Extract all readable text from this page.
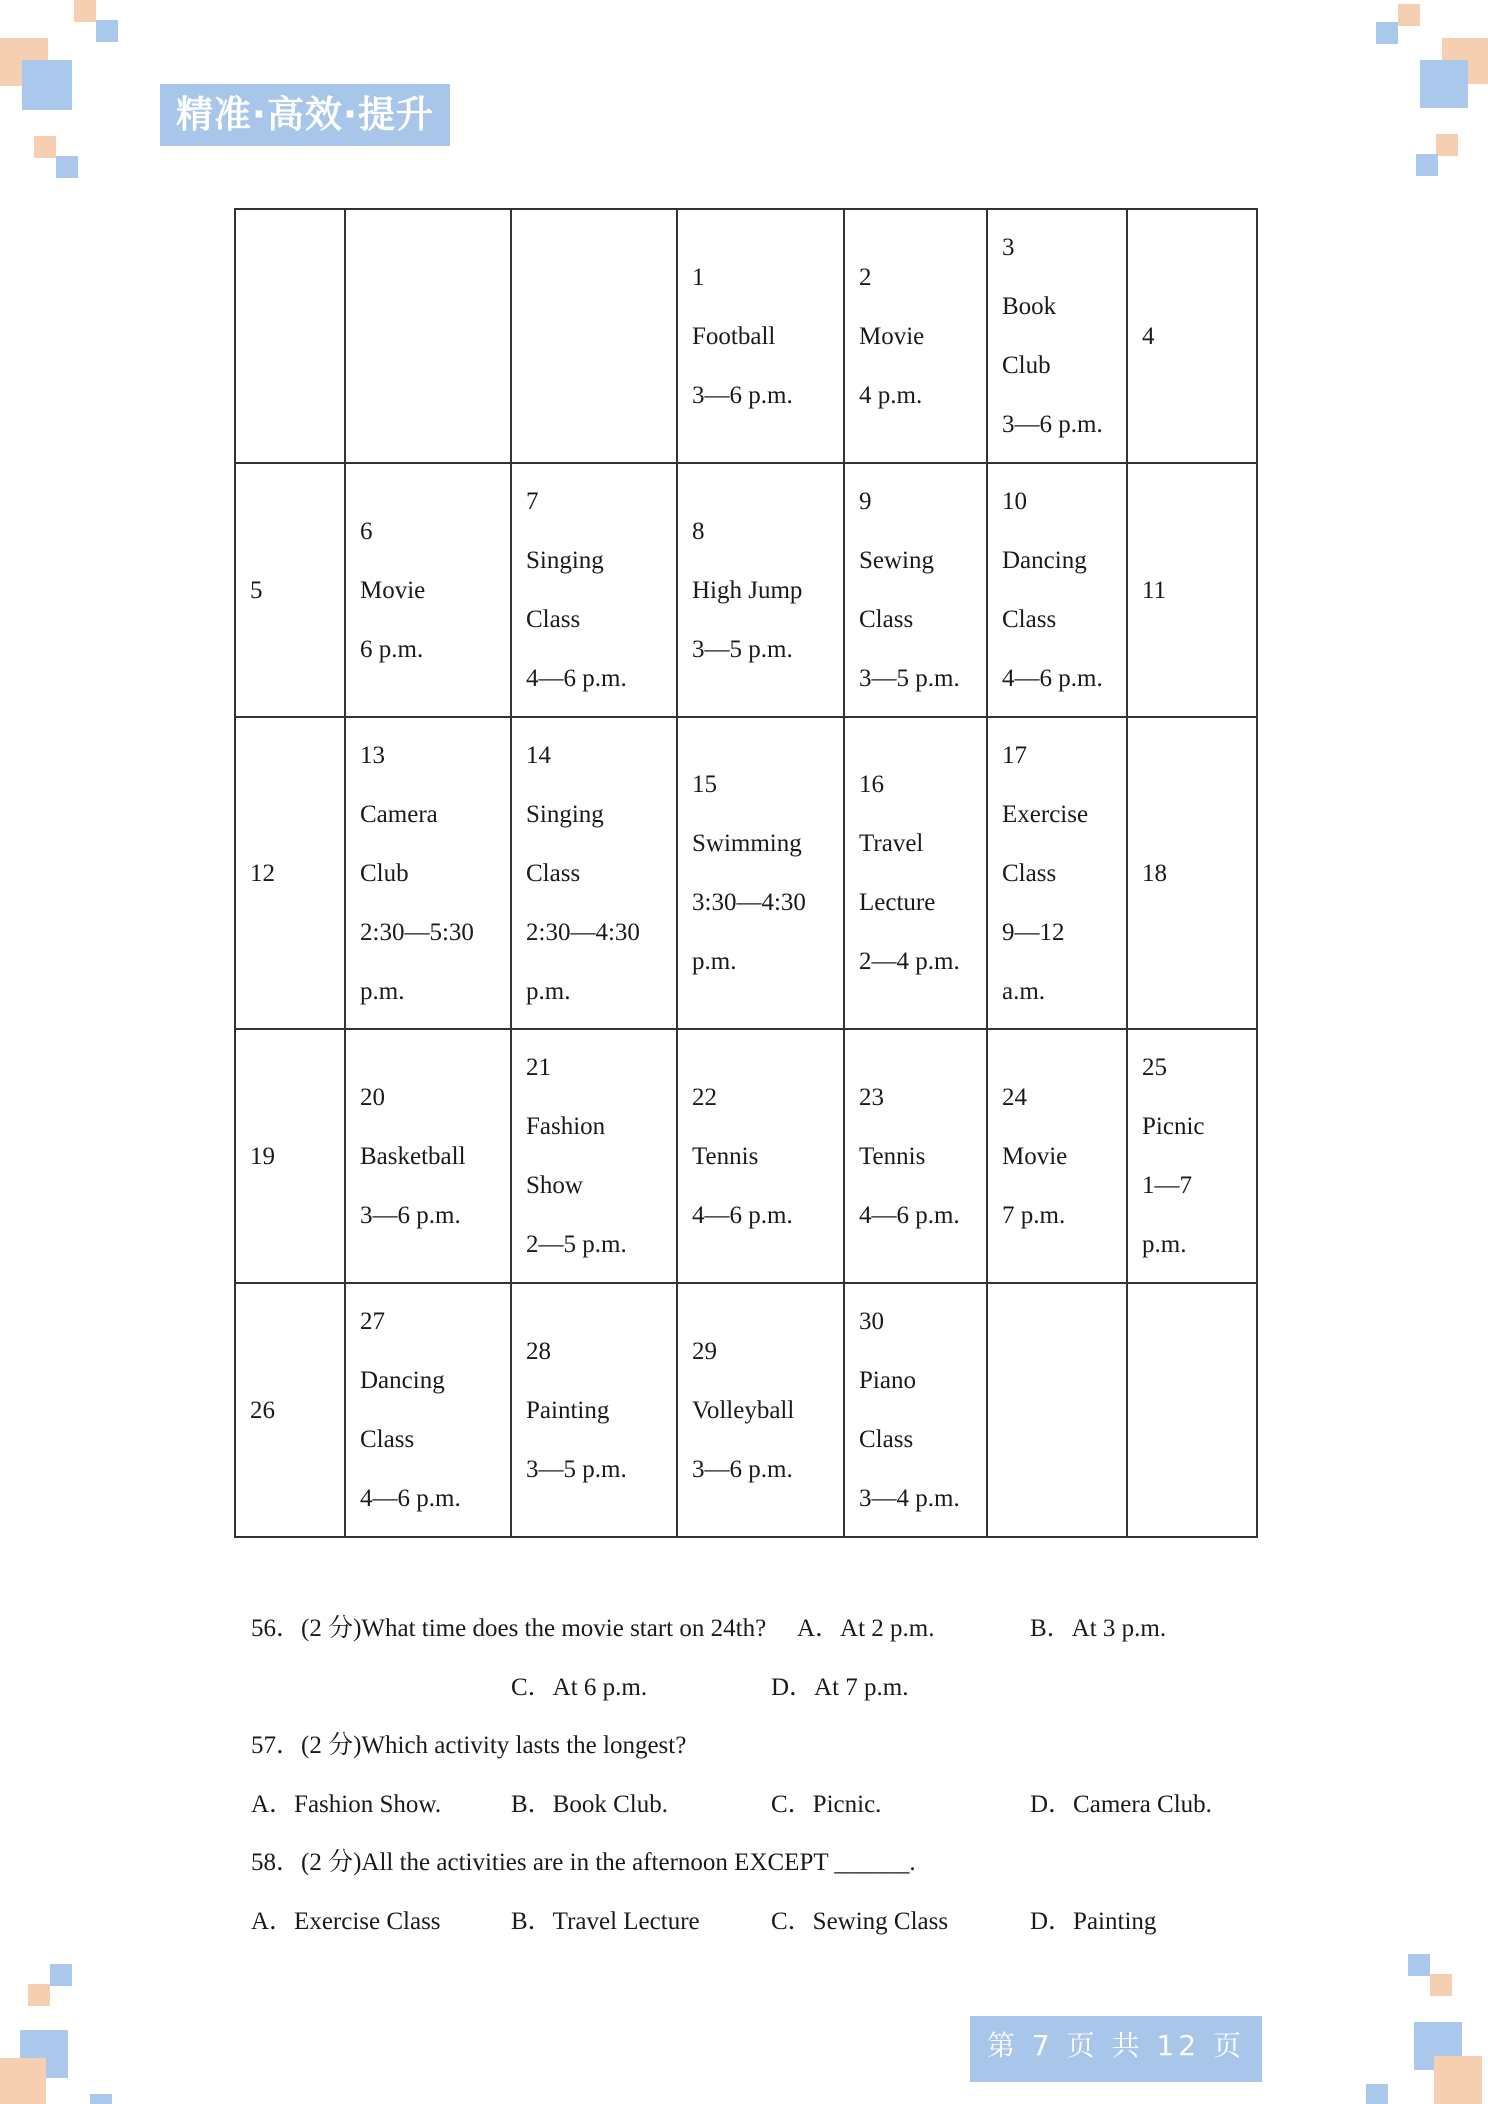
精准·高效·提升

			1
Football
3—6 p.m.	2
Movie
4 p.m.	3
Book
Club
3—6 p.m.	4

5	6
Movie
6 p.m.	7
Singing
Class
4—6 p.m.	8
High Jump
3—5 p.m.	9
Sewing
Class
3—5 p.m.	10
Dancing
Class
4—6 p.m.	11

12	13
Camera
Club
2:30—5:30
p.m.	14
Singing
Class
2:30—4:30
p.m.	15
Swimming
3:30—4:30
p.m.	16
Travel
Lecture
2—4 p.m.	17
Exercise
Class
9—12
a.m.	18

19	20
Basketball
3—6 p.m.	21
Fashion
Show
2—5 p.m.	22
Tennis
4—6 p.m.	23
Tennis
4—6 p.m.	24
Movie
7 p.m.	25
Picnic
1—7
p.m.

26	27
Dancing
Class
4—6 p.m.	28
Painting
3—5 p.m.	29
Volleyball
3—6 p.m.	30
Piano
Class
3—4 p.m.		

56．(2 分)What time does the movie start on 24th? A．At 2 p.m.	B．At 3 p.m.
C．At 6 p.m.	D．At 7 p.m.
57．(2 分)Which activity lasts the longest?
A．Fashion Show.	B．Book Club.	C．Picnic.	D．Camera Club.
58．(2 分)All the activities are in the afternoon EXCEPT ______.
A．Exercise Class	B．Travel Lecture	C．Sewing Class	D．Painting
第 7 页 共 12 页
